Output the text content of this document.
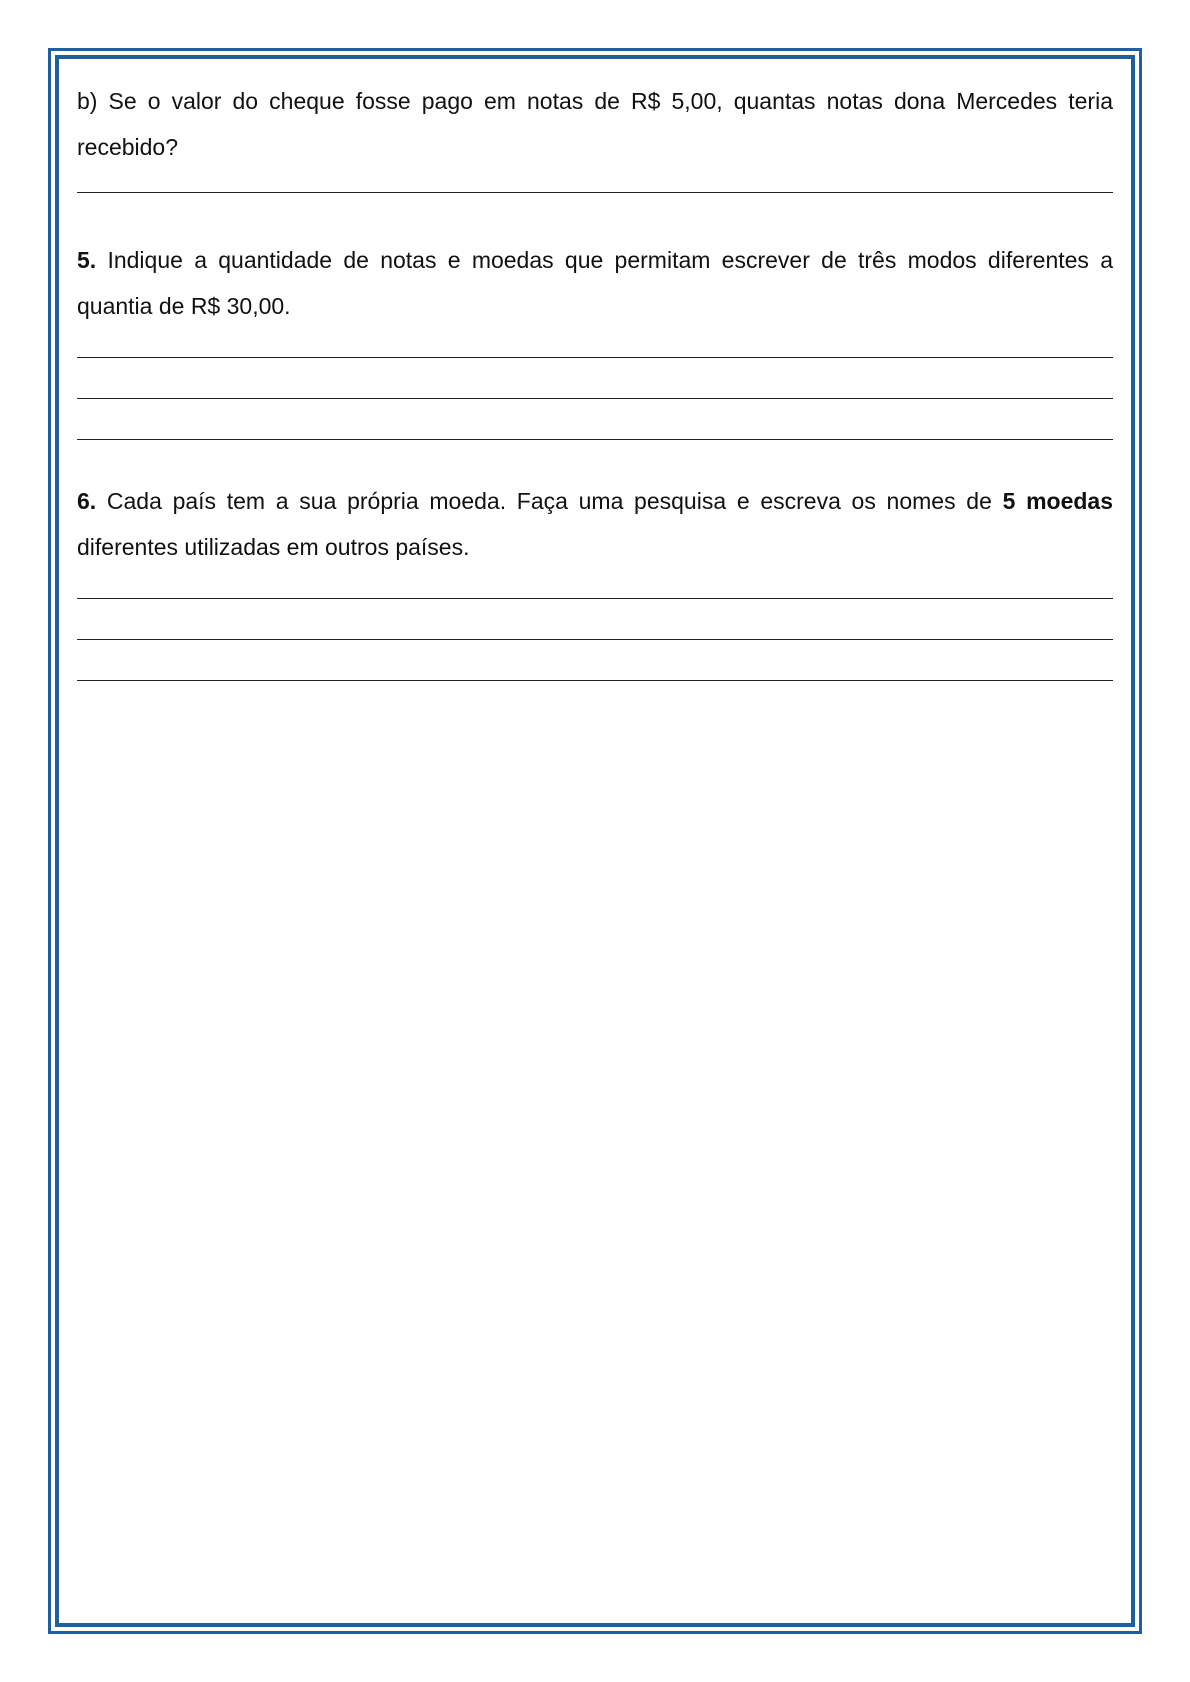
b) Se o valor do cheque fosse pago em notas de R$ 5,00, quantas notas dona Mercedes teria recebido?

5. Indique a quantidade de notas e moedas que permitam escrever de três modos diferentes a quantia de R$ 30,00.

6. Cada país tem a sua própria moeda. Faça uma pesquisa e escreva os nomes de 5 moedas diferentes utilizadas em outros países.
